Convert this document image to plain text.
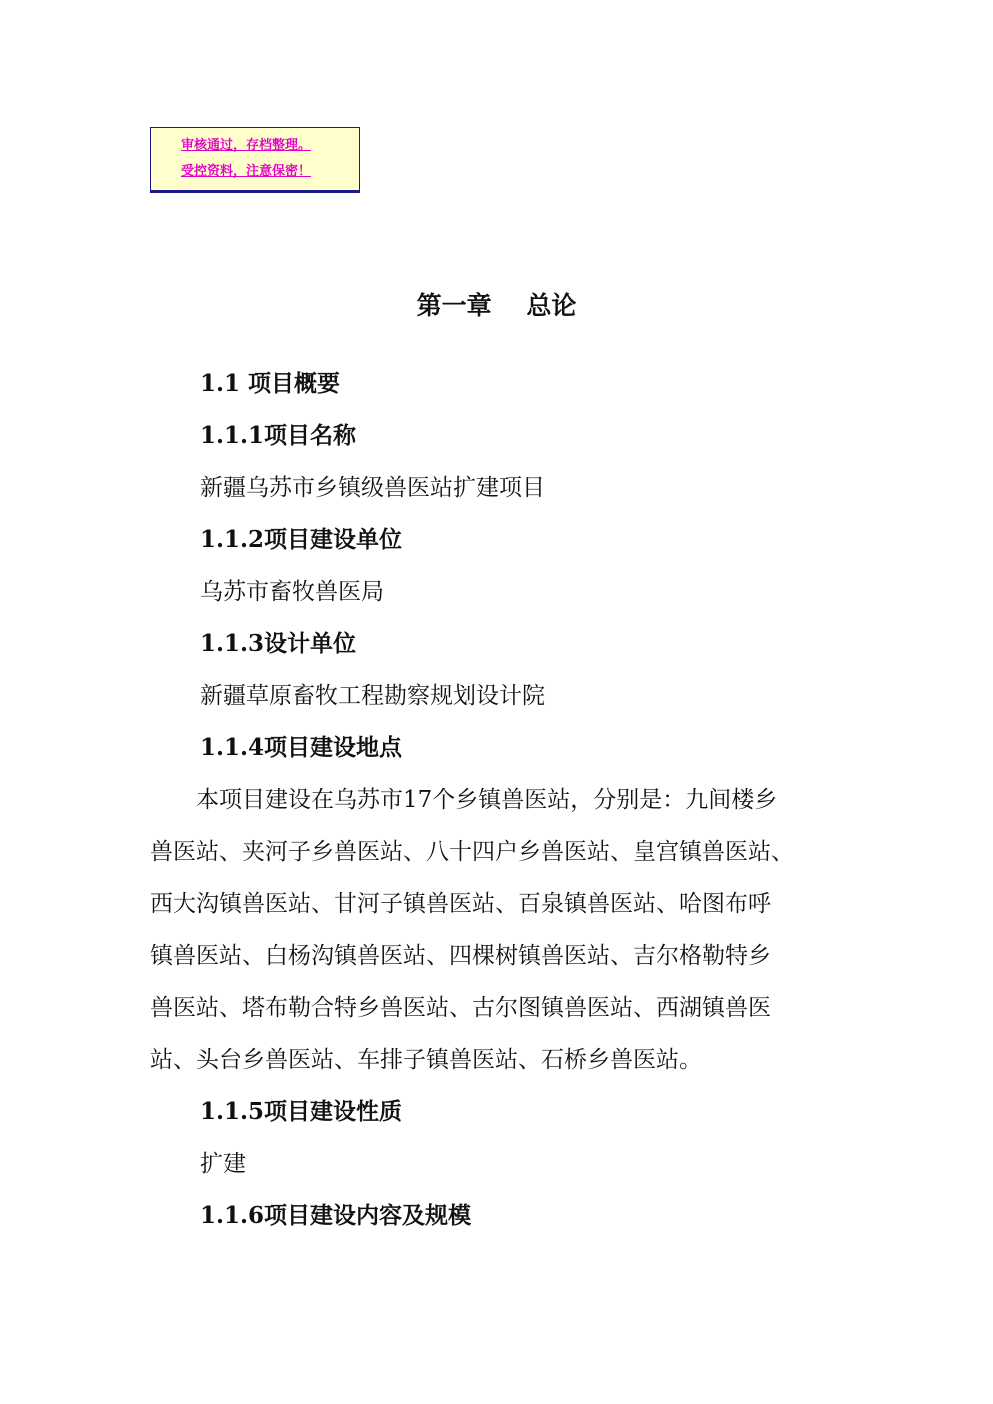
审核通过，存档整理。
受控资料，注意保密！
第一章    总论
1.1 项目概要
1.1.1项目名称
新疆乌苏市乡镇级兽医站扩建项目
1.1.2项目建设单位
乌苏市畜牧兽医局
1.1.3设计单位
新疆草原畜牧工程勘察规划设计院
1.1.4项目建设地点
本项目建设在乌苏市17个乡镇兽医站，分别是：九间楼乡
兽医站、夹河子乡兽医站、八十四户乡兽医站、皇宫镇兽医站、
西大沟镇兽医站、甘河子镇兽医站、百泉镇兽医站、哈图布呼
镇兽医站、白杨沟镇兽医站、四棵树镇兽医站、吉尔格勒特乡
兽医站、塔布勒合特乡兽医站、古尔图镇兽医站、西湖镇兽医
站、头台乡兽医站、车排子镇兽医站、石桥乡兽医站。
1.1.5项目建设性质
扩建
1.1.6项目建设内容及规模
